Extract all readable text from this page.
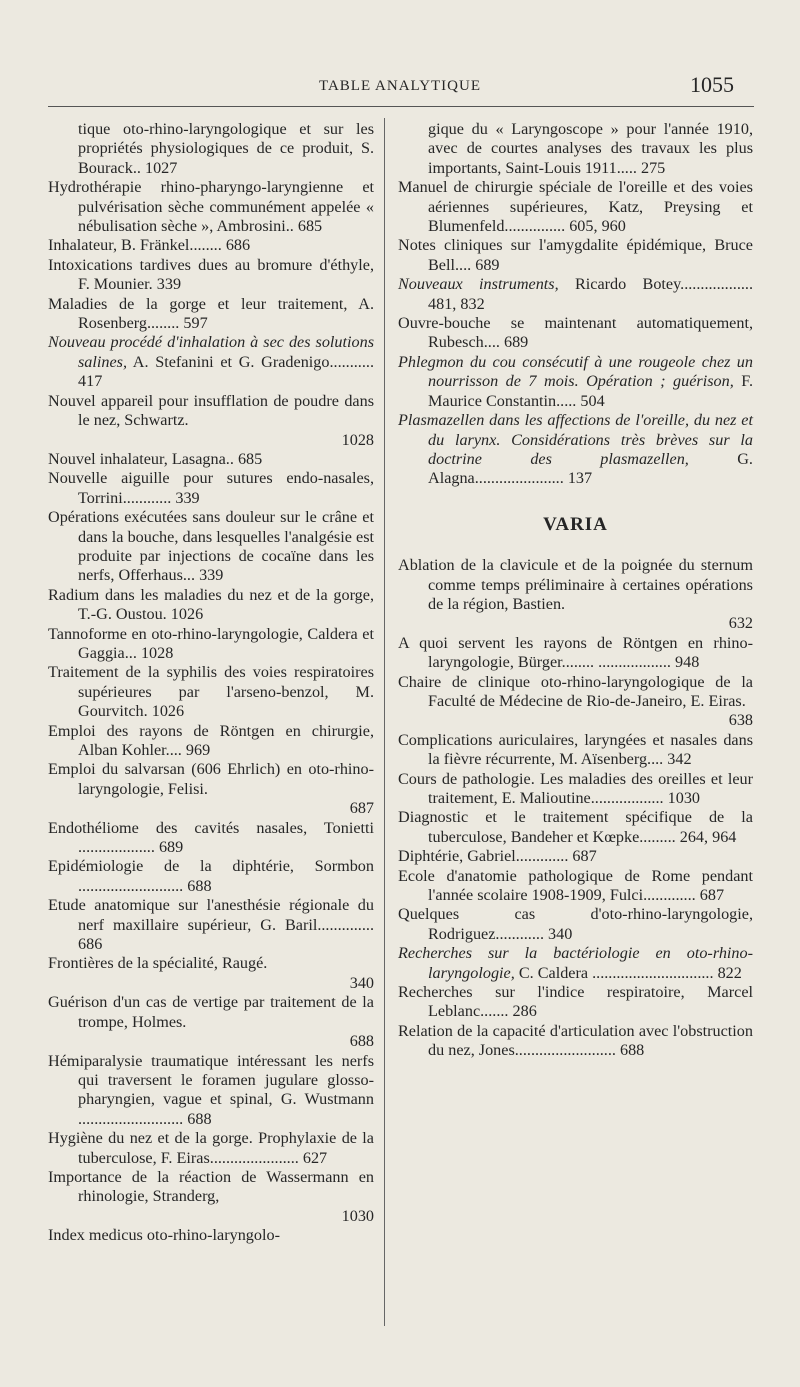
TABLE ANALYTIQUE	1055

tique oto-rhino-laryngologique et sur les propriétés physiologiques de ce produit, S. Bourack.. 1027

Hydrothérapie rhino-pharyngo-laryngienne et pulvérisation sèche communément appelée « nébulisation sèche », Ambrosini.. 685

Inhalateur, B. Fränkel........ 686

Intoxications tardives dues au bromure d'éthyle, F. Mounier. 339

Maladies de la gorge et leur traitement, A. Rosenberg........ 597

Nouveau procédé d'inhalation à sec des solutions salines, A. Stefanini et G. Gradenigo........... 417

Nouvel appareil pour insufflation de poudre dans le nez, Schwartz.
1028

Nouvel inhalateur, Lasagna.. 685

Nouvelle aiguille pour sutures endo-nasales, Torrini............ 339

Opérations exécutées sans douleur sur le crâne et dans la bouche, dans lesquelles l'analgésie est produite par injections de cocaïne dans les nerfs, Offerhaus... 339

Radium dans les maladies du nez et de la gorge, T.-G. Oustou. 1026

Tannoforme en oto-rhino-laryngologie, Caldera et Gaggia... 1028

Traitement de la syphilis des voies respiratoires supérieures par l'arseno-benzol, M. Gourvitch. 1026

Emploi des rayons de Röntgen en chirurgie, Alban Kohler.... 969

Emploi du salvarsan (606 Ehrlich) en oto-rhino-laryngologie, Felisi.
687

Endothéliome des cavités nasales, Tonietti ................... 689

Epidémiologie de la diphtérie, Sormbon .......................... 688

Etude anatomique sur l'anesthésie régionale du nerf maxillaire supérieur, G. Baril.............. 686

Frontières de la spécialité, Raugé.
340

Guérison d'un cas de vertige par traitement de la trompe, Holmes.
688

Hémiparalysie traumatique intéressant les nerfs qui traversent le foramen jugulare glosso-pharyngien, vague et spinal, G. Wustmann .......................... 688

Hygiène du nez et de la gorge. Prophylaxie de la tuberculose, F. Eiras...................... 627

Importance de la réaction de Wassermann en rhinologie, Stranderg,
1030

Index medicus oto-rhino-laryngolo-

gique du « Laryngoscope » pour l'année 1910, avec de courtes analyses des travaux les plus importants, Saint-Louis 1911..... 275

Manuel de chirurgie spéciale de l'oreille et des voies aériennes supérieures, Katz, Preysing et Blumenfeld............... 605, 960

Notes cliniques sur l'amygdalite épidémique, Bruce Bell.... 689

Nouveaux instruments, Ricardo Botey.................. 481, 832

Ouvre-bouche se maintenant automatiquement, Rubesch.... 689

Phlegmon du cou consécutif à une rougeole chez un nourrisson de 7 mois. Opération ; guérison, F. Maurice Constantin..... 504

Plasmazellen dans les affections de l'oreille, du nez et du larynx. Considérations très brèves sur la doctrine des plasmazellen, G. Alagna...................... 137

VARIA

Ablation de la clavicule et de la poignée du sternum comme temps préliminaire à certaines opérations de la région, Bastien.
632

A quoi servent les rayons de Röntgen en rhino-laryngologie, Bürger........ .................. 948

Chaire de clinique oto-rhino-laryngologique de la Faculté de Médecine de Rio-de-Janeiro, E. Eiras.
638

Complications auriculaires, laryngées et nasales dans la fièvre récurrente, M. Aïsenberg.... 342

Cours de pathologie. Les maladies des oreilles et leur traitement, E. Malioutine.................. 1030

Diagnostic et le traitement spécifique de la tuberculose, Bandeher et Kœpke......... 264, 964

Diphtérie, Gabriel............. 687

Ecole d'anatomie pathologique de Rome pendant l'année scolaire 1908-1909, Fulci............. 687

Quelques cas d'oto-rhino-laryngologie, Rodriguez............ 340

Recherches sur la bactériologie en oto-rhino-laryngologie, C. Caldera .............................. 822

Recherches sur l'indice respiratoire, Marcel Leblanc....... 286

Relation de la capacité d'articulation avec l'obstruction du nez, Jones......................... 688
